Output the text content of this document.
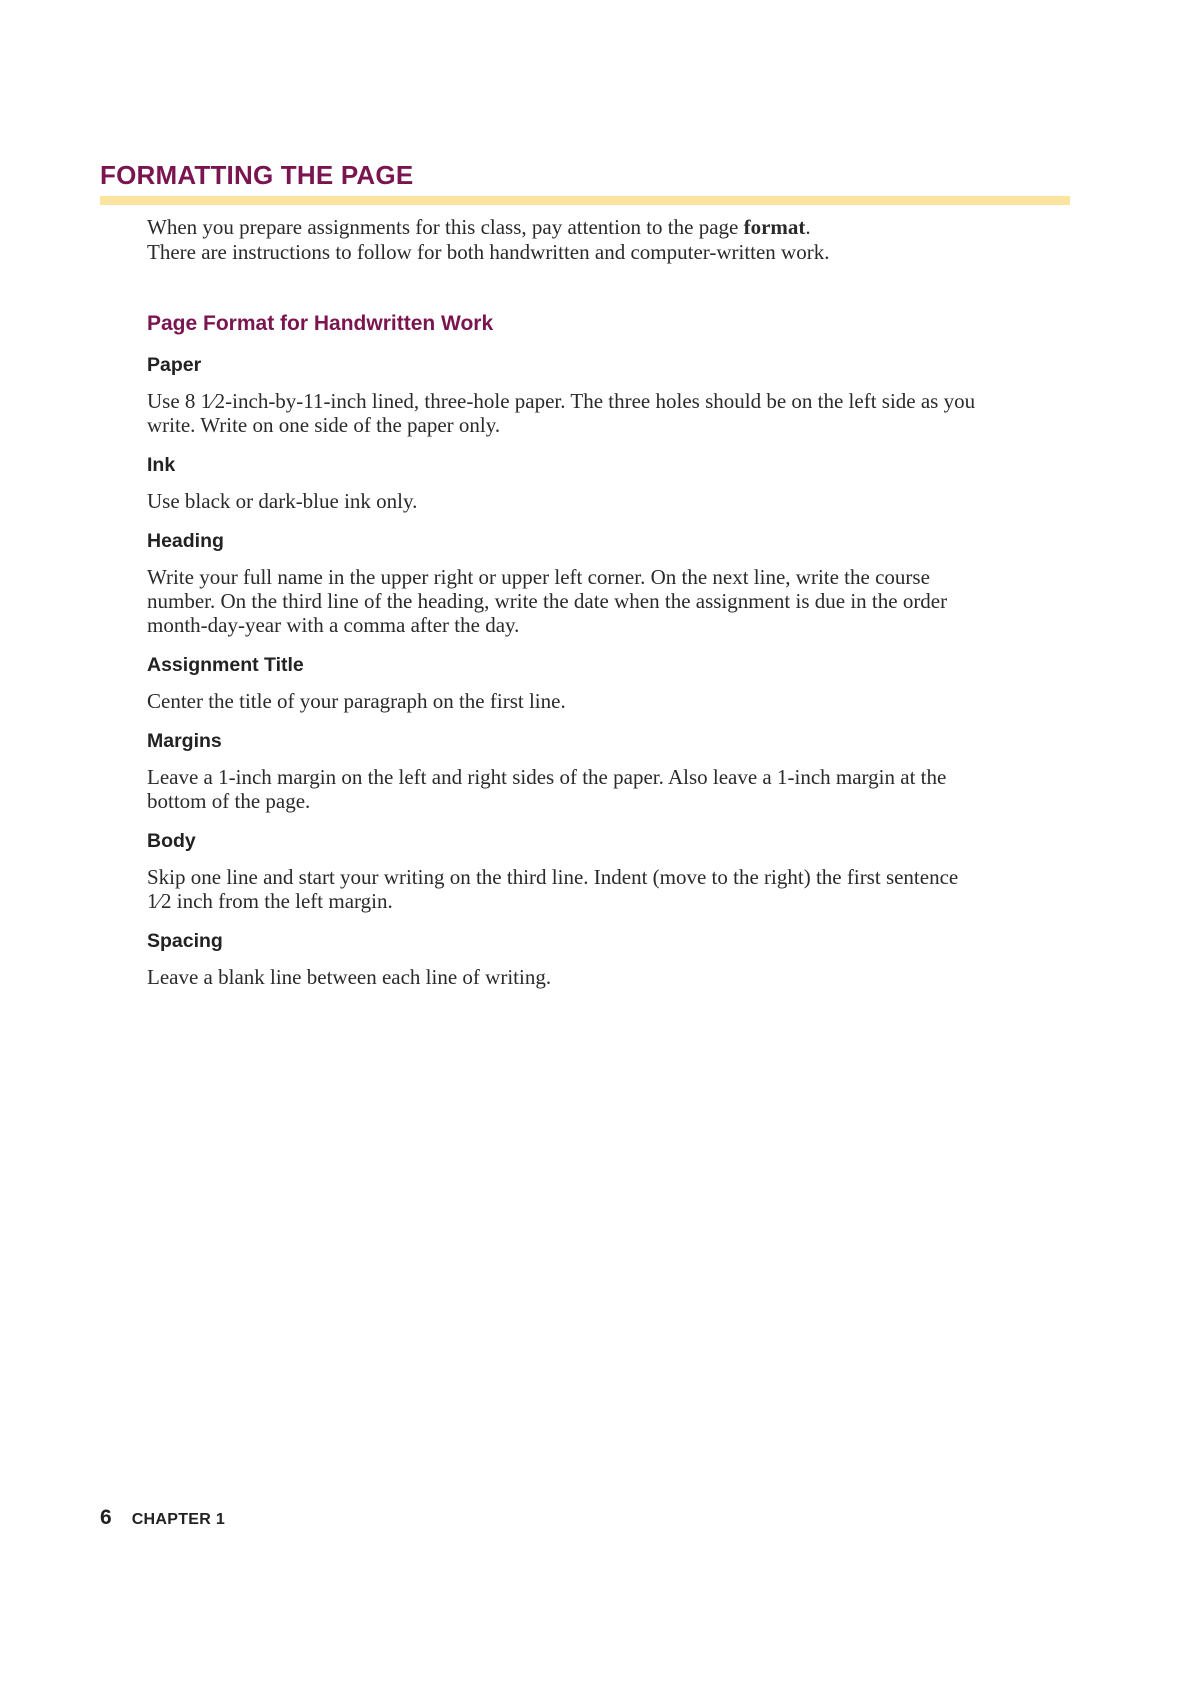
FORMATTING THE PAGE

When you prepare assignments for this class, pay attention to the page format.
There are instructions to follow for both handwritten and computer-written work.

Page Format for Handwritten Work
Paper

Use 8 1⁄2-inch-by-11-inch lined, three-hole paper. The three holes should be on the left side as you write. Write on one side of the paper only.

Ink

Use black or dark-blue ink only.

Heading

Write your full name in the upper right or upper left corner. On the next line, write the course number. On the third line of the heading, write the date when the assignment is due in the order month-day-year with a comma after the day.

Assignment Title

Center the title of your paragraph on the first line.

Margins

Leave a 1-inch margin on the left and right sides of the paper. Also leave a 1-inch margin at the bottom of the page.

Body

Skip one line and start your writing on the third line. Indent (move to the right) the first sentence 1⁄2 inch from the left margin.

Spacing

Leave a blank line between each line of writing.

6 CHAPTER 1
